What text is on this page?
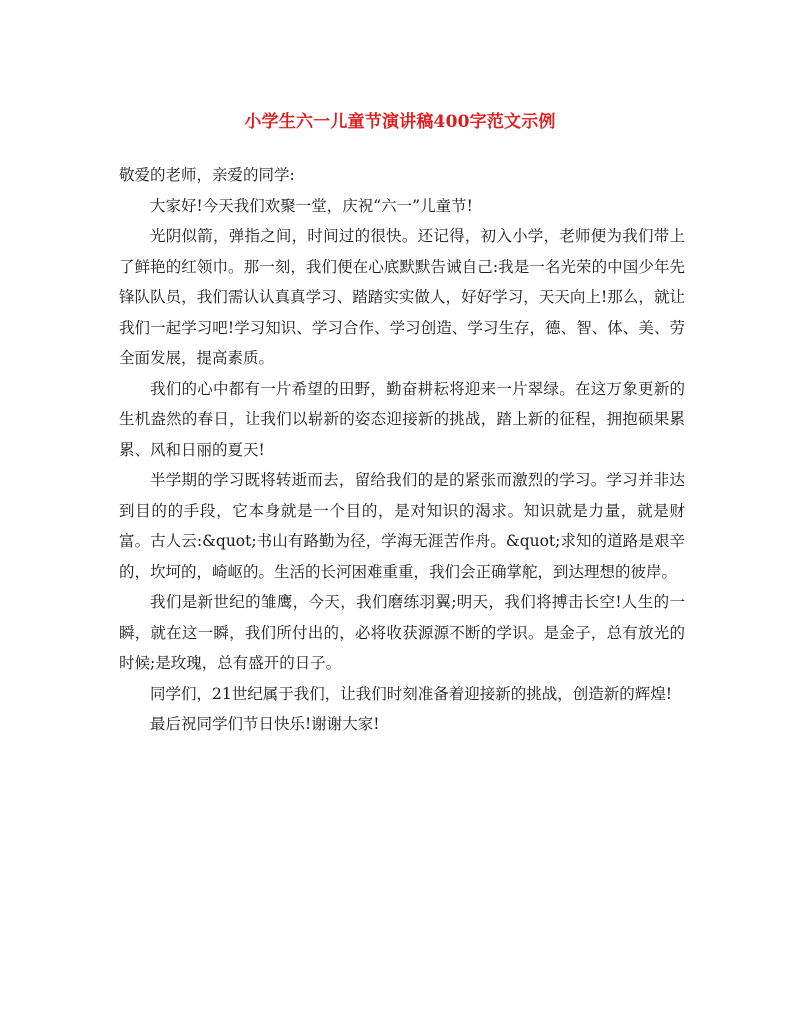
小学生六一儿童节演讲稿400字范文示例

敬爱的老师，亲爱的同学:

大家好!今天我们欢聚一堂，庆祝“六一”儿童节!

光阴似箭，弹指之间，时间过的很快。还记得，初入小学，老师便为我们带上了鲜艳的红领巾。那一刻，我们便在心底默默告诫自己:我是一名光荣的中国少年先锋队队员，我们需认认真真学习、踏踏实实做人，好好学习，天天向上!那么，就让我们一起学习吧!学习知识、学习合作、学习创造、学习生存，德、智、体、美、劳全面发展，提高素质。

我们的心中都有一片希望的田野，勤奋耕耘将迎来一片翠绿。在这万象更新的生机盎然的春日，让我们以崭新的姿态迎接新的挑战，踏上新的征程，拥抱硕果累累、风和日丽的夏天!

半学期的学习既将转逝而去，留给我们的是的紧张而激烈的学习。学习并非达到目的的手段，它本身就是一个目的，是对知识的渴求。知识就是力量，就是财富。古人云:&quot;书山有路勤为径，学海无涯苦作舟。&quot;求知的道路是艰辛的，坎坷的，崎岖的。生活的长河困难重重，我们会正确掌舵，到达理想的彼岸。

我们是新世纪的雏鹰，今天，我们磨练羽翼;明天，我们将搏击长空!人生的一瞬，就在这一瞬，我们所付出的，必将收获源源不断的学识。是金子，总有放光的时候;是玫瑰，总有盛开的日子。

同学们，21世纪属于我们，让我们时刻准备着迎接新的挑战，创造新的辉煌!

最后祝同学们节日快乐!谢谢大家!
